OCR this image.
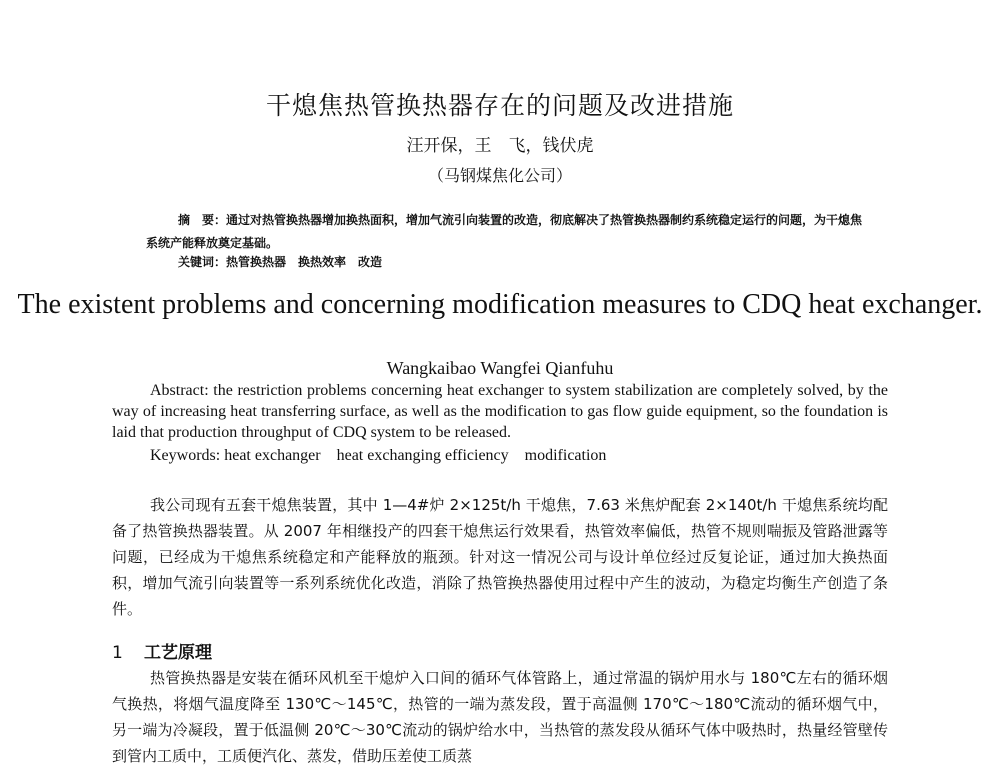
干熄焦热管换热器存在的问题及改进措施
汪开保，王　飞，钱伏虎
（马钢煤焦化公司）
摘　要：通过对热管换热器增加换热面积，增加气流引向装置的改造，彻底解决了热管换热器制约系统稳定运行的问题，为干熄焦系统产能释放奠定基础。
关键词：热管换热器　换热效率　改造
The existent problems and concerning modification measures to CDQ heat exchanger.
Wangkaibao Wangfei Qianfuhu
Abstract: the restriction problems concerning heat exchanger to system stabilization are completely solved, by the way of increasing heat transferring surface, as well as the modification to gas flow guide equipment, so the foundation is laid that production throughput of CDQ system to be released.
Keywords: heat exchanger    heat exchanging efficiency    modification
我公司现有五套干熄焦装置，其中 1—4#炉 2×125t/h 干熄焦，7.63 米焦炉配套 2×140t/h 干熄焦系统均配备了热管换热器装置。从 2007 年相继投产的四套干熄焦运行效果看，热管效率偏低，热管不规则喘振及管路泄露等问题，已经成为干熄焦系统稳定和产能释放的瓶颈。针对这一情况公司与设计单位经过反复论证，通过加大换热面积，增加气流引向装置等一系列系统优化改造，消除了热管换热器使用过程中产生的波动，为稳定均衡生产创造了条件。
1 工艺原理
热管换热器是安装在循环风机至干熄炉入口间的循环气体管路上，通过常温的锅炉用水与 180℃左右的循环烟气换热，将烟气温度降至 130℃～145℃，热管的一端为蒸发段，置于高温侧 170℃～180℃流动的循环烟气中，另一端为冷凝段，置于低温侧 20℃～30℃流动的锅炉给水中，当热管的蒸发段从循环气体中吸热时，热量经管壁传到管内工质中，工质便汽化、蒸发，借助压差使工质蒸
